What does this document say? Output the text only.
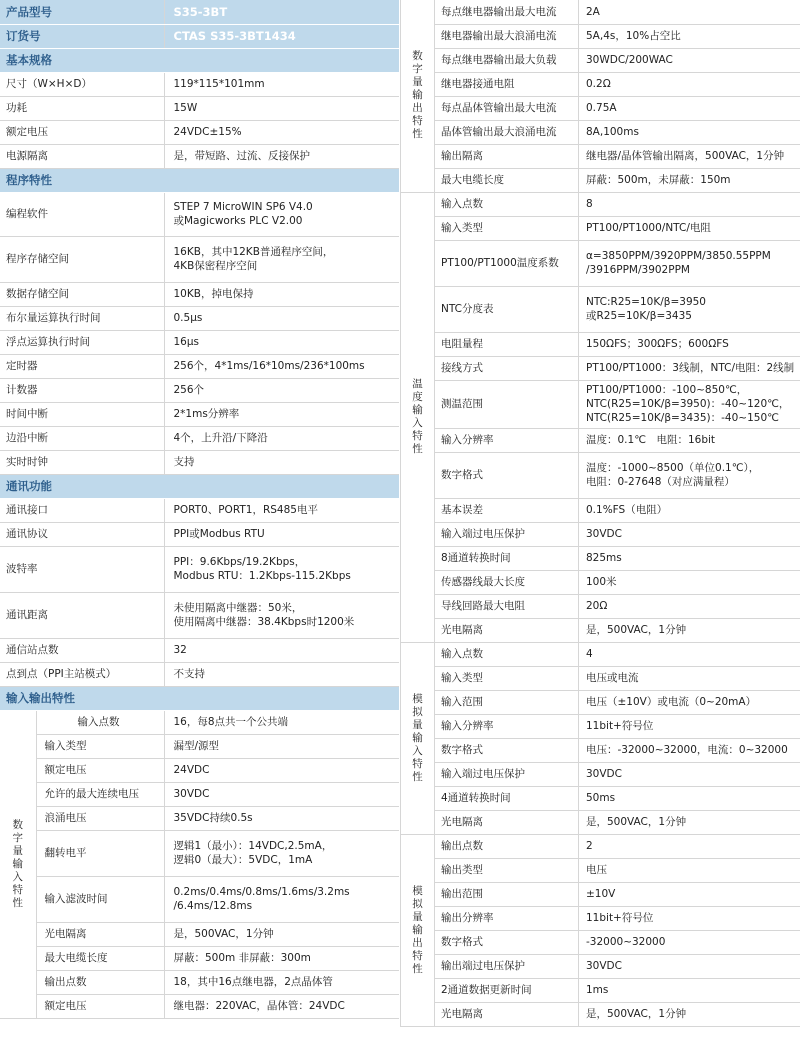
产品型号		S35-3BT
订货号		CTAS S35-3BT1434
基本规格		
尺寸（W×H×D）		119*115*101mm
功耗		15W
额定电压		24VDC±15%
电源隔离		是，带短路、过流、反接保护
程序特性		
编程软件		STEP 7 MicroWIN SP6 V4.0
或Magicworks PLC V2.00

程序存储空间		16KB，其中12KB普通程序空间，
4KB保密程序空间

数据存储空间		10KB，掉电保持
布尔量运算执行时间		0.5μs
浮点运算执行时间		16μs
定时器		256个，4*1ms/16*10ms/236*100ms
计数器		256个
时间中断		2*1ms分辨率
边沿中断		4个，上升沿/下降沿
实时时钟		支持
通讯功能		
通讯接口		PORT0、PORT1，RS485电平
通讯协议		PPI或Modbus RTU
波特率		PPI：9.6Kbps/19.2Kbps，
Modbus RTU：1.2Kbps-115.2Kbps

通讯距离		未使用隔离中继器：50米，
使用隔离中继器：38.4Kbps时1200米

通信站点数		32
点到点（PPI主站模式）		不支持
输入输出特性		
数字量输入特性	输入点数	16，每8点共一个公共端
	输入类型	漏型/源型
	额定电压	24VDC
	允许的最大连续电压	30VDC
	浪涌电压	35VDC持续0.5s
	翻转电平	逻辑1（最小）：14VDC,2.5mA，
逻辑0（最大）：5VDC，1mA

	输入滤波时间	0.2ms/0.4ms/0.8ms/1.6ms/3.2ms
/6.4ms/12.8ms

	光电隔离	是，500VAC，1分钟
	最大电缆长度	屏蔽：500m 非屏蔽：300m
	输出点数	18，其中16点继电器，2点晶体管
	额定电压	继电器：220VAC，晶体管：24VDC
数字量输出特性	每点继电器输出最大电流	2A
	继电器输出最大浪涌电流	5A,4s，10%占空比
	每点继电器输出最大负载	30WDC/200WAC
	继电器接通电阻	0.2Ω
	每点晶体管输出最大电流	0.75A
	晶体管输出最大浪涌电流	8A,100ms
	输出隔离	继电器/晶体管输出隔离，500VAC，1分钟
	最大电缆长度	屏蔽：500m，未屏蔽：150m
温度输入特性	输入点数	8
	输入类型	PT100/PT1000/NTC/电阻
	PT100/PT1000温度系数	α=3850PPM/3920PPM/3850.55PPM
/3916PPM/3902PPM

	NTC分度表	NTC:R25=10K/β=3950
或R25=10K/β=3435

	电阻量程	150ΩFS；300ΩFS；600ΩFS
	接线方式	PT100/PT1000：3线制，NTC/电阻：2线制
	测温范围	PT100/PT1000：-100~850℃，
NTC(R25=10K/β=3950)：-40~120℃，
NTC(R25=10K/β=3435)：-40~150℃

	输入分辨率	温度：0.1℃　电阻：16bit
	数字格式	温度：-1000~8500（单位0.1℃），
电阻：0-27648（对应满量程）

	基本误差	0.1%FS（电阻）
	输入端过电压保护	30VDC
	8通道转换时间	825ms
	传感器线最大长度	100米
	导线回路最大电阻	20Ω
	光电隔离	是，500VAC，1分钟
模拟量输入特性	输入点数	4
	输入类型	电压或电流
	输入范围	电压（±10V）或电流（0~20mA）
	输入分辨率	11bit+符号位
	数字格式	电压：-32000~32000，电流：0~32000
	输入端过电压保护	30VDC
	4通道转换时间	50ms
	光电隔离	是，500VAC，1分钟
模拟量输出特性	输出点数	2
	输出类型	电压
	输出范围	±10V
	输出分辨率	11bit+符号位
	数字格式	-32000~32000
	输出端过电压保护	30VDC
	2通道数据更新时间	1ms
	光电隔离	是，500VAC，1分钟
